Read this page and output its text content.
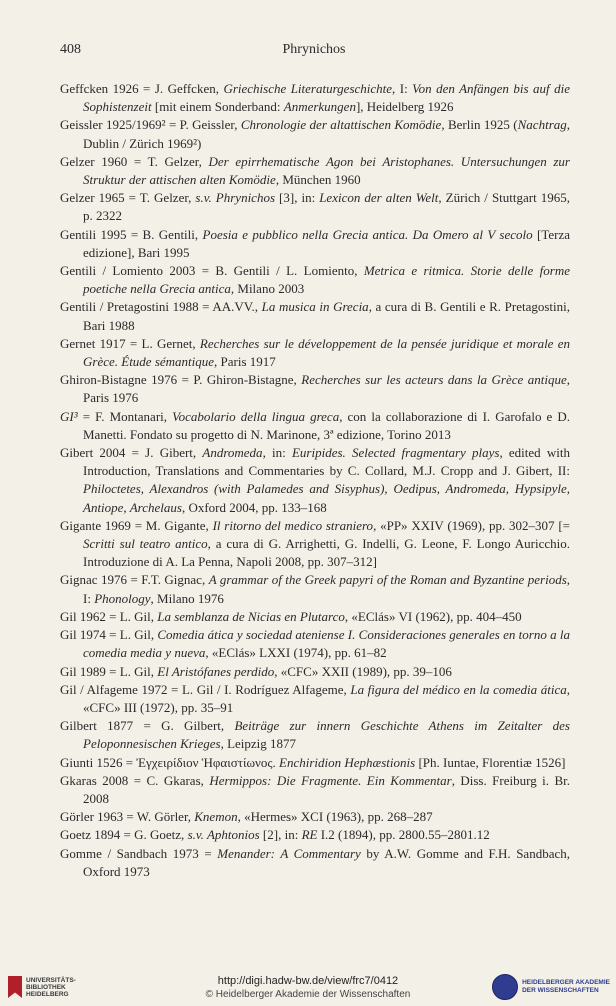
408	Phrynichos

Geffcken 1926 = J. Geffcken, Griechische Literaturgeschichte, I: Von den Anfängen bis auf die Sophistenzeit [mit einem Sonderband: Anmerkungen], Heidelberg 1926

Geissler 1925/1969² = P. Geissler, Chronologie der altattischen Komödie, Berlin 1925 (Nachtrag, Dublin / Zürich 1969²)

Gelzer 1960 = T. Gelzer, Der epirrhematische Agon bei Aristophanes. Untersuchungen zur Struktur der attischen alten Komödie, München 1960

Gelzer 1965 = T. Gelzer, s.v. Phrynichos [3], in: Lexicon der alten Welt, Zürich / Stuttgart 1965, p. 2322

Gentili 1995 = B. Gentili, Poesia e pubblico nella Grecia antica. Da Omero al V secolo [Terza edizione], Bari 1995

Gentili / Lomiento 2003 = B. Gentili / L. Lomiento, Metrica e ritmica. Storie delle forme poetiche nella Grecia antica, Milano 2003

Gentili / Pretagostini 1988 = AA.VV., La musica in Grecia, a cura di B. Gentili e R. Pretagostini, Bari 1988

Gernet 1917 = L. Gernet, Recherches sur le développement de la pensée juridique et morale en Grèce. Étude sémantique, Paris 1917

Ghiron-Bistagne 1976 = P. Ghiron-Bistagne, Recherches sur les acteurs dans la Grèce antique, Paris 1976

GI³ = F. Montanari, Vocabolario della lingua greca, con la collaborazione di I. Garofalo e D. Manetti. Fondato su progetto di N. Marinone, 3ª edizione, Torino 2013

Gibert 2004 = J. Gibert, Andromeda, in: Euripides. Selected fragmentary plays, edited with Introduction, Translations and Commentaries by C. Collard, M.J. Cropp and J. Gibert, II: Philoctetes, Alexandros (with Palamedes and Sisyphus), Oedipus, Andromeda, Hypsipyle, Antiope, Archelaus, Oxford 2004, pp. 133–168

Gigante 1969 = M. Gigante, Il ritorno del medico straniero, «PP» XXIV (1969), pp. 302–307 [= Scritti sul teatro antico, a cura di G. Arrighetti, G. Indelli, G. Leone, F. Longo Auricchio. Introduzione di A. La Penna, Napoli 2008, pp. 307–312]

Gignac 1976 = F.T. Gignac, A grammar of the Greek papyri of the Roman and Byzantine periods, I: Phonology, Milano 1976

Gil 1962 = L. Gil, La semblanza de Nicias en Plutarco, «EClás» VI (1962), pp. 404–450

Gil 1974 = L. Gil, Comedia ática y sociedad ateniense I. Consideraciones generales en torno a la comedia media y nueva, «EClás» LXXI (1974), pp. 61–82

Gil 1989 = L. Gil, El Aristófanes perdido, «CFC» XXII (1989), pp. 39–106

Gil / Alfageme 1972 = L. Gil / I. Rodríguez Alfageme, La figura del médico en la comedia ática, «CFC» III (1972), pp. 35–91

Gilbert 1877 = G. Gilbert, Beiträge zur innern Geschichte Athens im Zeitalter des Peloponnesischen Krieges, Leipzig 1877

Giunti 1526 = Ἐγχειρίδιον Ἡφαιστίωνος. Enchiridion Hephæstionis [Ph. Iuntae, Florentiæ 1526]

Gkaras 2008 = C. Gkaras, Hermippos: Die Fragmente. Ein Kommentar, Diss. Freiburg i. Br. 2008

Görler 1963 = W. Görler, Knemon, «Hermes» XCI (1963), pp. 268–287

Goetz 1894 = G. Goetz, s.v. Aphtonios [2], in: RE I.2 (1894), pp. 2800.55–2801.12

Gomme / Sandbach 1973 = Menander: A Commentary by A.W. Gomme and F.H. Sandbach, Oxford 1973

UNIVERSITÄTS-
BIBLIOTHEK
HEIDELBERG
http://digi.hadw-bw.de/view/frc7/0412
© Heidelberger Akademie der Wissenschaften
HEIDELBERGER AKADEMIE
DER WISSENSCHAFTEN
